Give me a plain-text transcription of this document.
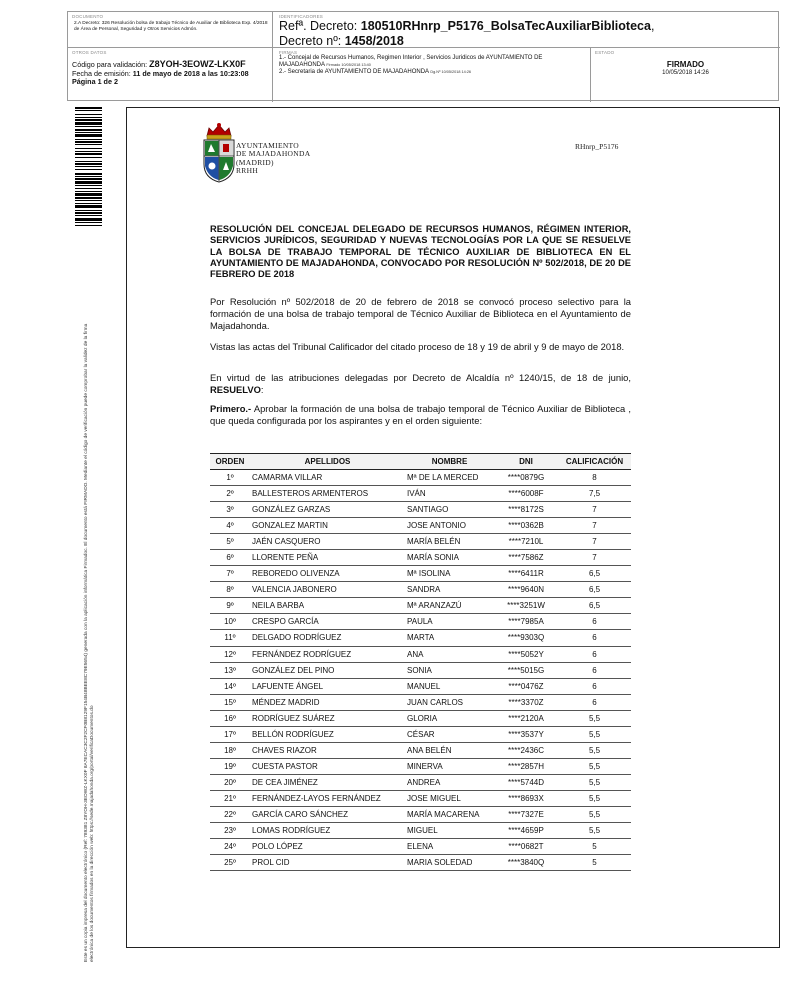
DOCUMENTO
2.A Decreto: 326 Resolución bolsa de trabajo Técnico de Auxiliar de Biblioteca Exp. 4/2018 de Área de Personal, Seguridad y Otros Servicios Admón.
IDENTIFICADORES
Refª. Decreto: 180510RHnrp_P5176_BolsaTecAuxiliarBiblioteca,
Decreto nº: 1458/2018
OTROS DATOS
Código para validación: Z8YOH-3EOWZ-LKX0F
Fecha de emisión: 11 de mayo de 2018 a las 10:23:08
Página 1 de 2
FIRMAS
1.- Concejal de Recursos Humanos, Regimen Interior , Servicios Juridicos de AYUNTAMIENTO DE MAJADAHONDA Firmado 10/05/2018 13:40
2.- Secretaria de AYUNTAMIENTO DE MAJADAHONDA Dg.Nº 10/05/2018 14:26
ESTADO
FIRMADO
10/05/2018 14:26
Este es un copia impresa del documento electrónico (Ref: 789381 Z8YOH-3EOWZ-LKX0F 8A7ECAC3C2F2CF0B8129F154B48BEE8C79E5654) generada con la aplicación informática Firmadoc. El documento está FIRMADO. Mediante el código de verificación puede comprobar la validez de la firma electrónica de los documentos firmados en la dirección web: https://sede.majadahonda.org/portal/verificaDocumentos.do
AYUNTAMIENTO
DE MAJADAHONDA
(MADRID)
RRHH
RHnrp_P5176
RESOLUCIÓN DEL CONCEJAL DELEGADO DE RECURSOS HUMANOS, RÉGIMEN INTERIOR, SERVICIOS JURÍDICOS, SEGURIDAD Y NUEVAS TECNOLOGÍAS POR LA QUE SE RESUELVE LA BOLSA DE TRABAJO TEMPORAL DE TÉCNICO AUXILIAR DE BIBLIOTECA EN EL AYUNTAMIENTO DE MAJADAHONDA, CONVOCADO POR RESOLUCIÓN Nº 502/2018, DE 20 DE FEBRERO DE 2018
Por Resolución nº 502/2018 de 20 de febrero de 2018 se convocó proceso selectivo para la formación de una bolsa de trabajo temporal de Técnico Auxiliar de Biblioteca en el Ayuntamiento de Majadahonda.
Vistas las actas del Tribunal Calificador del citado proceso de 18 y 19 de abril y 9 de mayo de 2018.
En virtud de las atribuciones delegadas por Decreto de Alcaldía nº 1240/15, de 18 de junio, RESUELVO:
Primero.- Aprobar la formación de una bolsa de trabajo temporal de Técnico Auxiliar de Biblioteca , que queda configurada por los aspirantes y en el orden siguiente:
ORDEN	APELLIDOS	NOMBRE	DNI	CALIFICACIÓN
1º	CAMARMA VILLAR	Mª DE LA MERCED	****0879G	8
2º	BALLESTEROS ARMENTEROS	IVÁN	****6008F	7,5
3º	GONZÁLEZ GARZAS	SANTIAGO	****8172S	7
4º	GONZALEZ MARTIN	JOSE ANTONIO	****0362B	7
5º	JAÉN CASQUERO	MARÍA BELÉN	****7210L	7
6º	LLORENTE PEÑA	MARÍA SONIA	****7586Z	7
7º	REBOREDO OLIVENZA	Mª ISOLINA	****6411R	6,5
8º	VALENCIA JABONERO	SANDRA	****9640N	6,5
9º	NEILA BARBA	Mª ARANZAZÚ	****3251W	6,5
10º	CRESPO GARCÍA	PAULA	****7985A	6
11º	DELGADO RODRÍGUEZ	MARTA	****9303Q	6
12º	FERNÁNDEZ RODRÍGUEZ	ANA	****5052Y	6
13º	GONZÁLEZ DEL PINO	SONIA	****5015G	6
14º	LAFUENTE ÁNGEL	MANUEL	****0476Z	6
15º	MÉNDEZ MADRID	JUAN CARLOS	****3370Z	6
16º	RODRÍGUEZ SUÁREZ	GLORIA	****2120A	5,5
17º	BELLÓN RODRÍGUEZ	CÉSAR	****3537Y	5,5
18º	CHAVES RIAZOR	ANA BELÉN	****2436C	5,5
19º	CUESTA PASTOR	MINERVA	****2857H	5,5
20º	DE CEA JIMÉNEZ	ANDREA	****5744D	5,5
21º	FERNÁNDEZ-LAYOS FERNÁNDEZ	JOSE MIGUEL	****8693X	5,5
22º	GARCÍA CARO SÁNCHEZ	MARÍA MACARENA	****7327E	5,5
23º	LOMAS RODRÍGUEZ	MIGUEL	****4659P	5,5
24º	POLO LÓPEZ	ELENA	****0682T	5
25º	PROL CID	MARIA SOLEDAD	****3840Q	5
